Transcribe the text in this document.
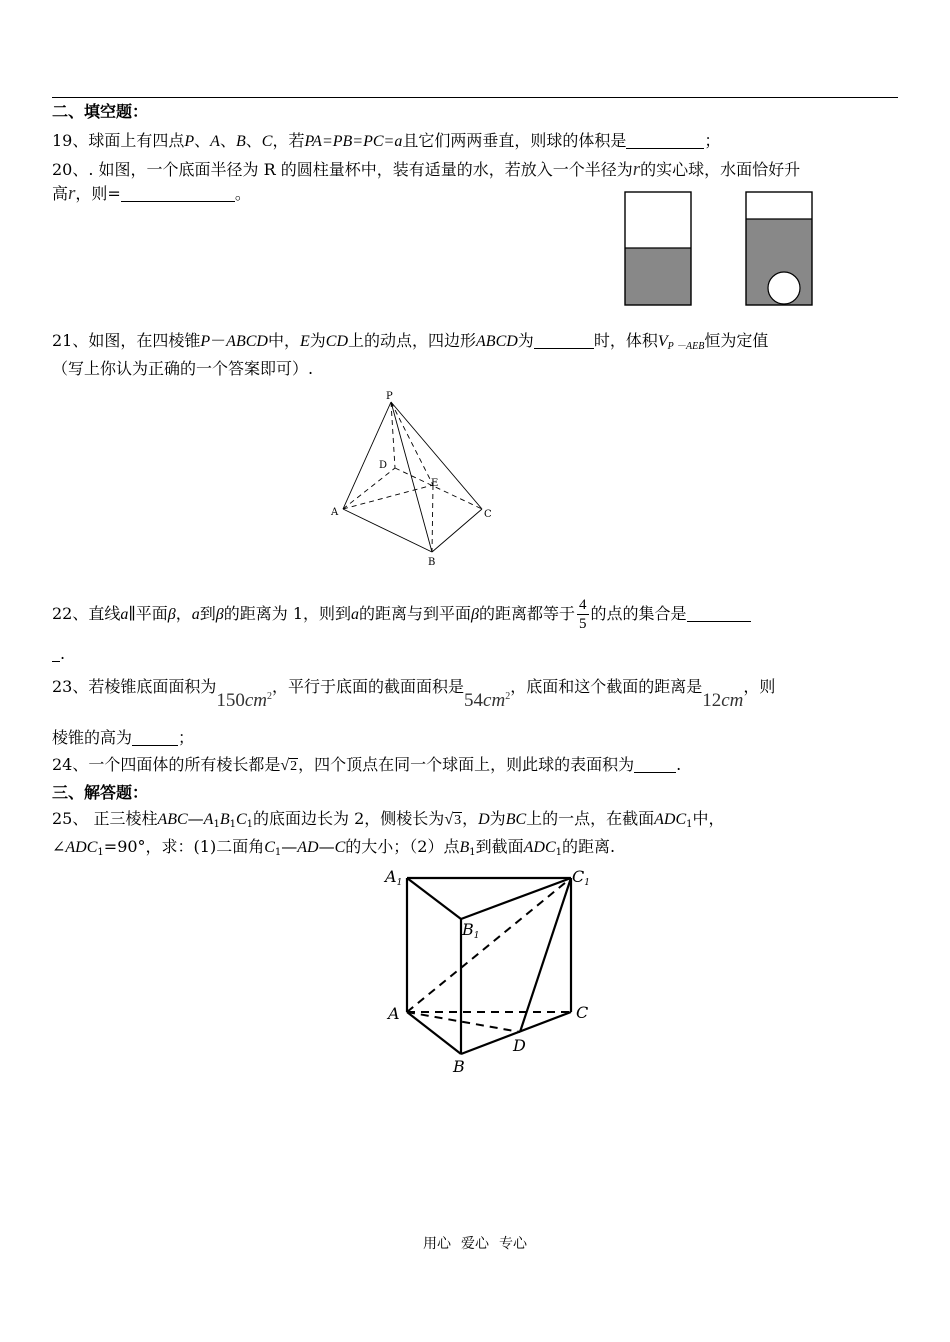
二、填空题：
19、球面上有四点P、A、B、C，若PA=PB=PC=a且它们两两垂直，则球的体积是	；
20、. 如图，一个底面半径为 R 的圆柱量杯中，装有适量的水，若放入一个半径为r的实心球，水面恰好升
高r，则=	。
21、如图，在四棱锥P－ABCD中，E为CD上的动点，四边形ABCD为	时，体积$V_{P -AEB}$恒为定值
（写上你认为正确的一个答案即可）.
P
D
E
A	C
B
22、直线a∥平面β，a到β的距离为 1，则到a的距离与到平面β的距离都等于 $\frac{4}{5}$ 的点的集合是
.
23、若棱锥底面面积为$150cm^2$，平行于底面的截面面积是$54cm^2$，底面和这个截面的距离是12cm，则
棱锥的高为	；
24、一个四面体的所有棱长都是√2，四个顶点在同一个球面上，则此球的表面积为	.
三、解答题：
25、 正三棱柱$ABC—A_1B_1C_1$的底面边长为 2，侧棱长为√3，D为BC上的一点，在截面$ADC_1$中，
$\angle ADC_1=90^\circ$，求：(1)二面角$C_1—AD—C$的大小；（2）点$B_1$到截面$ADC_1$的距离.
A1	C1
B1
A	C
D
B
用心 爱心 专心
